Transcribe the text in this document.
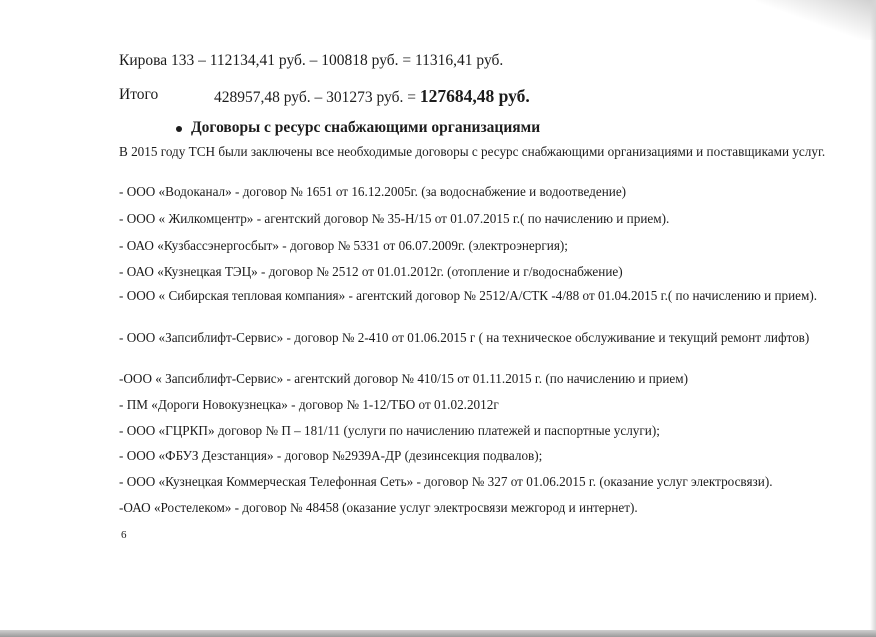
Кирова 133 – 112134,41 руб. – 100818 руб. = 11316,41 руб.
Итого	428957,48 руб. – 301273 руб. = 127684,48 руб.
Договоры с ресурс снабжающими организациями
В 2015 году ТСН были заключены все необходимые договоры с ресурс снабжающими организациями и поставщиками услуг.
- ООО «Водоканал» - договор № 1651 от 16.12.2005г. (за водоснабжение и водоотведение)
- ООО « Жилкомцентр» - агентский договор № 35-Н/15 от 01.07.2015 г.( по начислению и прием).
- ОАО «Кузбассэнергосбыт» - договор № 5331 от 06.07.2009г. (электроэнергия);
- ОАО «Кузнецкая ТЭЦ» - договор № 2512 от 01.01.2012г. (отопление и г/водоснабжение)
- ООО « Сибирская тепловая компания» - агентский договор № 2512/А/СТК -4/88 от 01.04.2015 г.( по начислению и прием).
- ООО «Запсиблифт-Сервис» - договор № 2-410 от 01.06.2015 г ( на техническое обслуживание и текущий ремонт лифтов)
-ООО « Запсиблифт-Сервис» - агентский договор № 410/15 от 01.11.2015 г. (по начислению и прием)
- ПМ «Дороги Новокузнецка» - договор № 1-12/ТБО от 01.02.2012г
- ООО «ГЦРКП» договор № П – 181/11 (услуги по начислению платежей и паспортные услуги);
- ООО «ФБУЗ Дезстанция» - договор №2939А-ДР (дезинсекция подвалов);
- ООО «Кузнецкая Коммерческая Телефонная Сеть» - договор № 327 от 01.06.2015 г. (оказание услуг электросвязи).
-ОАО «Ростелеком» - договор № 48458 (оказание услуг электросвязи межгород и интернет).
6
